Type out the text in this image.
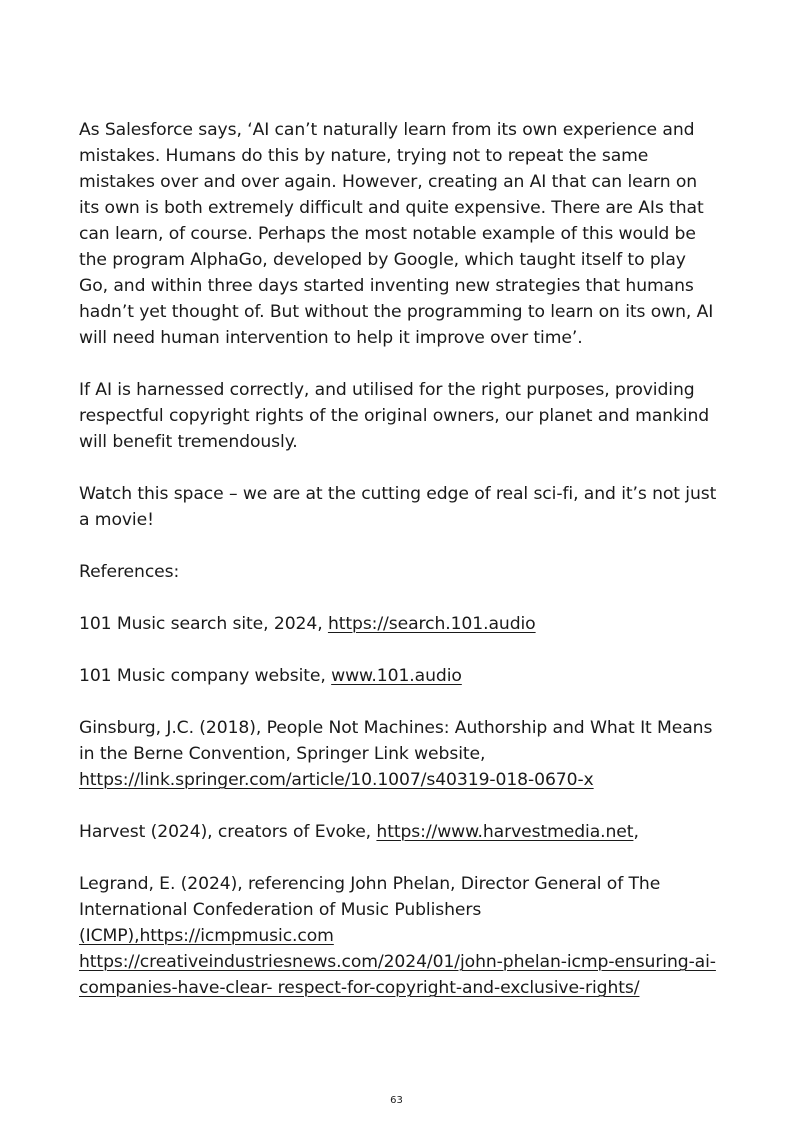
As Salesforce says, ‘AI can’t naturally learn from its own experience and mistakes. Humans do this by nature, trying not to repeat the same mistakes over and over again. However, creating an AI that can learn on its own is both extremely difficult and quite expensive. There are AIs that can learn, of course. Perhaps the most notable example of this would be the program AlphaGo, developed by Google, which taught itself to play Go, and within three days started inventing new strategies that humans hadn’t yet thought of. But without the programming to learn on its own, AI will need human intervention to help it improve over time’.

If AI is harnessed correctly, and utilised for the right purposes, providing respectful copyright rights of the original owners, our planet and mankind will benefit tremendously.

Watch this space – we are at the cutting edge of real sci-fi, and it’s not just a movie!

References:

101 Music search site, 2024, https://search.101.audio

101 Music company website, www.101.audio

Ginsburg, J.C. (2018), People Not Machines: Authorship and What It Means in the Berne Convention, Springer Link website,
https://link.springer.com/article/10.1007/s40319-018-0670-x

Harvest (2024), creators of Evoke, https://www.harvestmedia.net,

Legrand, E. (2024), referencing John Phelan, Director General of The International Confederation of Music Publishers
(ICMP),https://icmpmusic.com
https://creativeindustriesnews.com/2024/01/john-phelan-icmp-ensuring-ai-companies-have-clear- respect-for-copyright-and-exclusive-rights/

63
